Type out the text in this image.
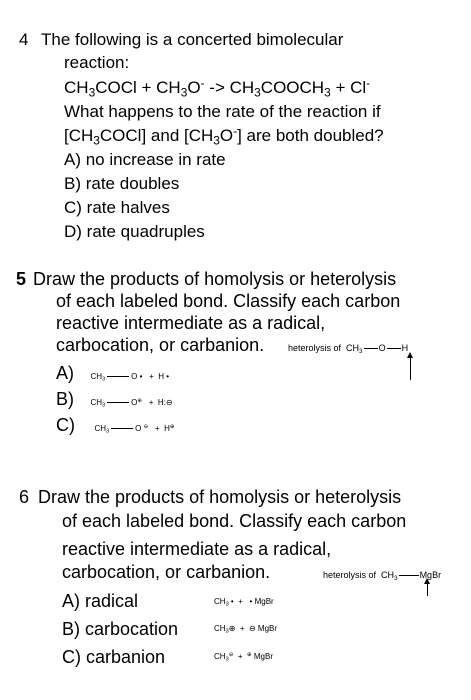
4 The following is a concerted bimolecular
reaction:
$CH_3COCl + CH_3O^-$ -> $CH_3COOCH_3 + Cl^-$
What happens to the rate of the reaction if
$[CH_3COCl]$ and $[CH_3O^-]$ are both doubled?
A) no increase in rate
B) rate doubles
C) rate halves
D) rate quadruples
5 Draw the products of homolysis or heterolysis
of each labeled bond. Classify each carbon
reactive intermediate as a radical,
carbocation, or carbanion.	heterolysis of $CH_3$ O H
A) $CH_3$	O • + H •
B) $CH_3$	O⊕ + H:⊖
C) $CH_3$	O ⊖ + H⊕
6 Draw the products of homolysis or heterolysis
of each labeled bond. Classify each carbon
reactive intermediate as a radical,
carbocation, or carbanion.	heterolysis of $CH_3$ MgBr
A) radical	$CH_3$ • + • MgBr
B) carbocation	$CH_3\oplus$ + ⊖ MgBr
C) carbanion	$CH_3^⊖ + ^\oplus$ MgBr
